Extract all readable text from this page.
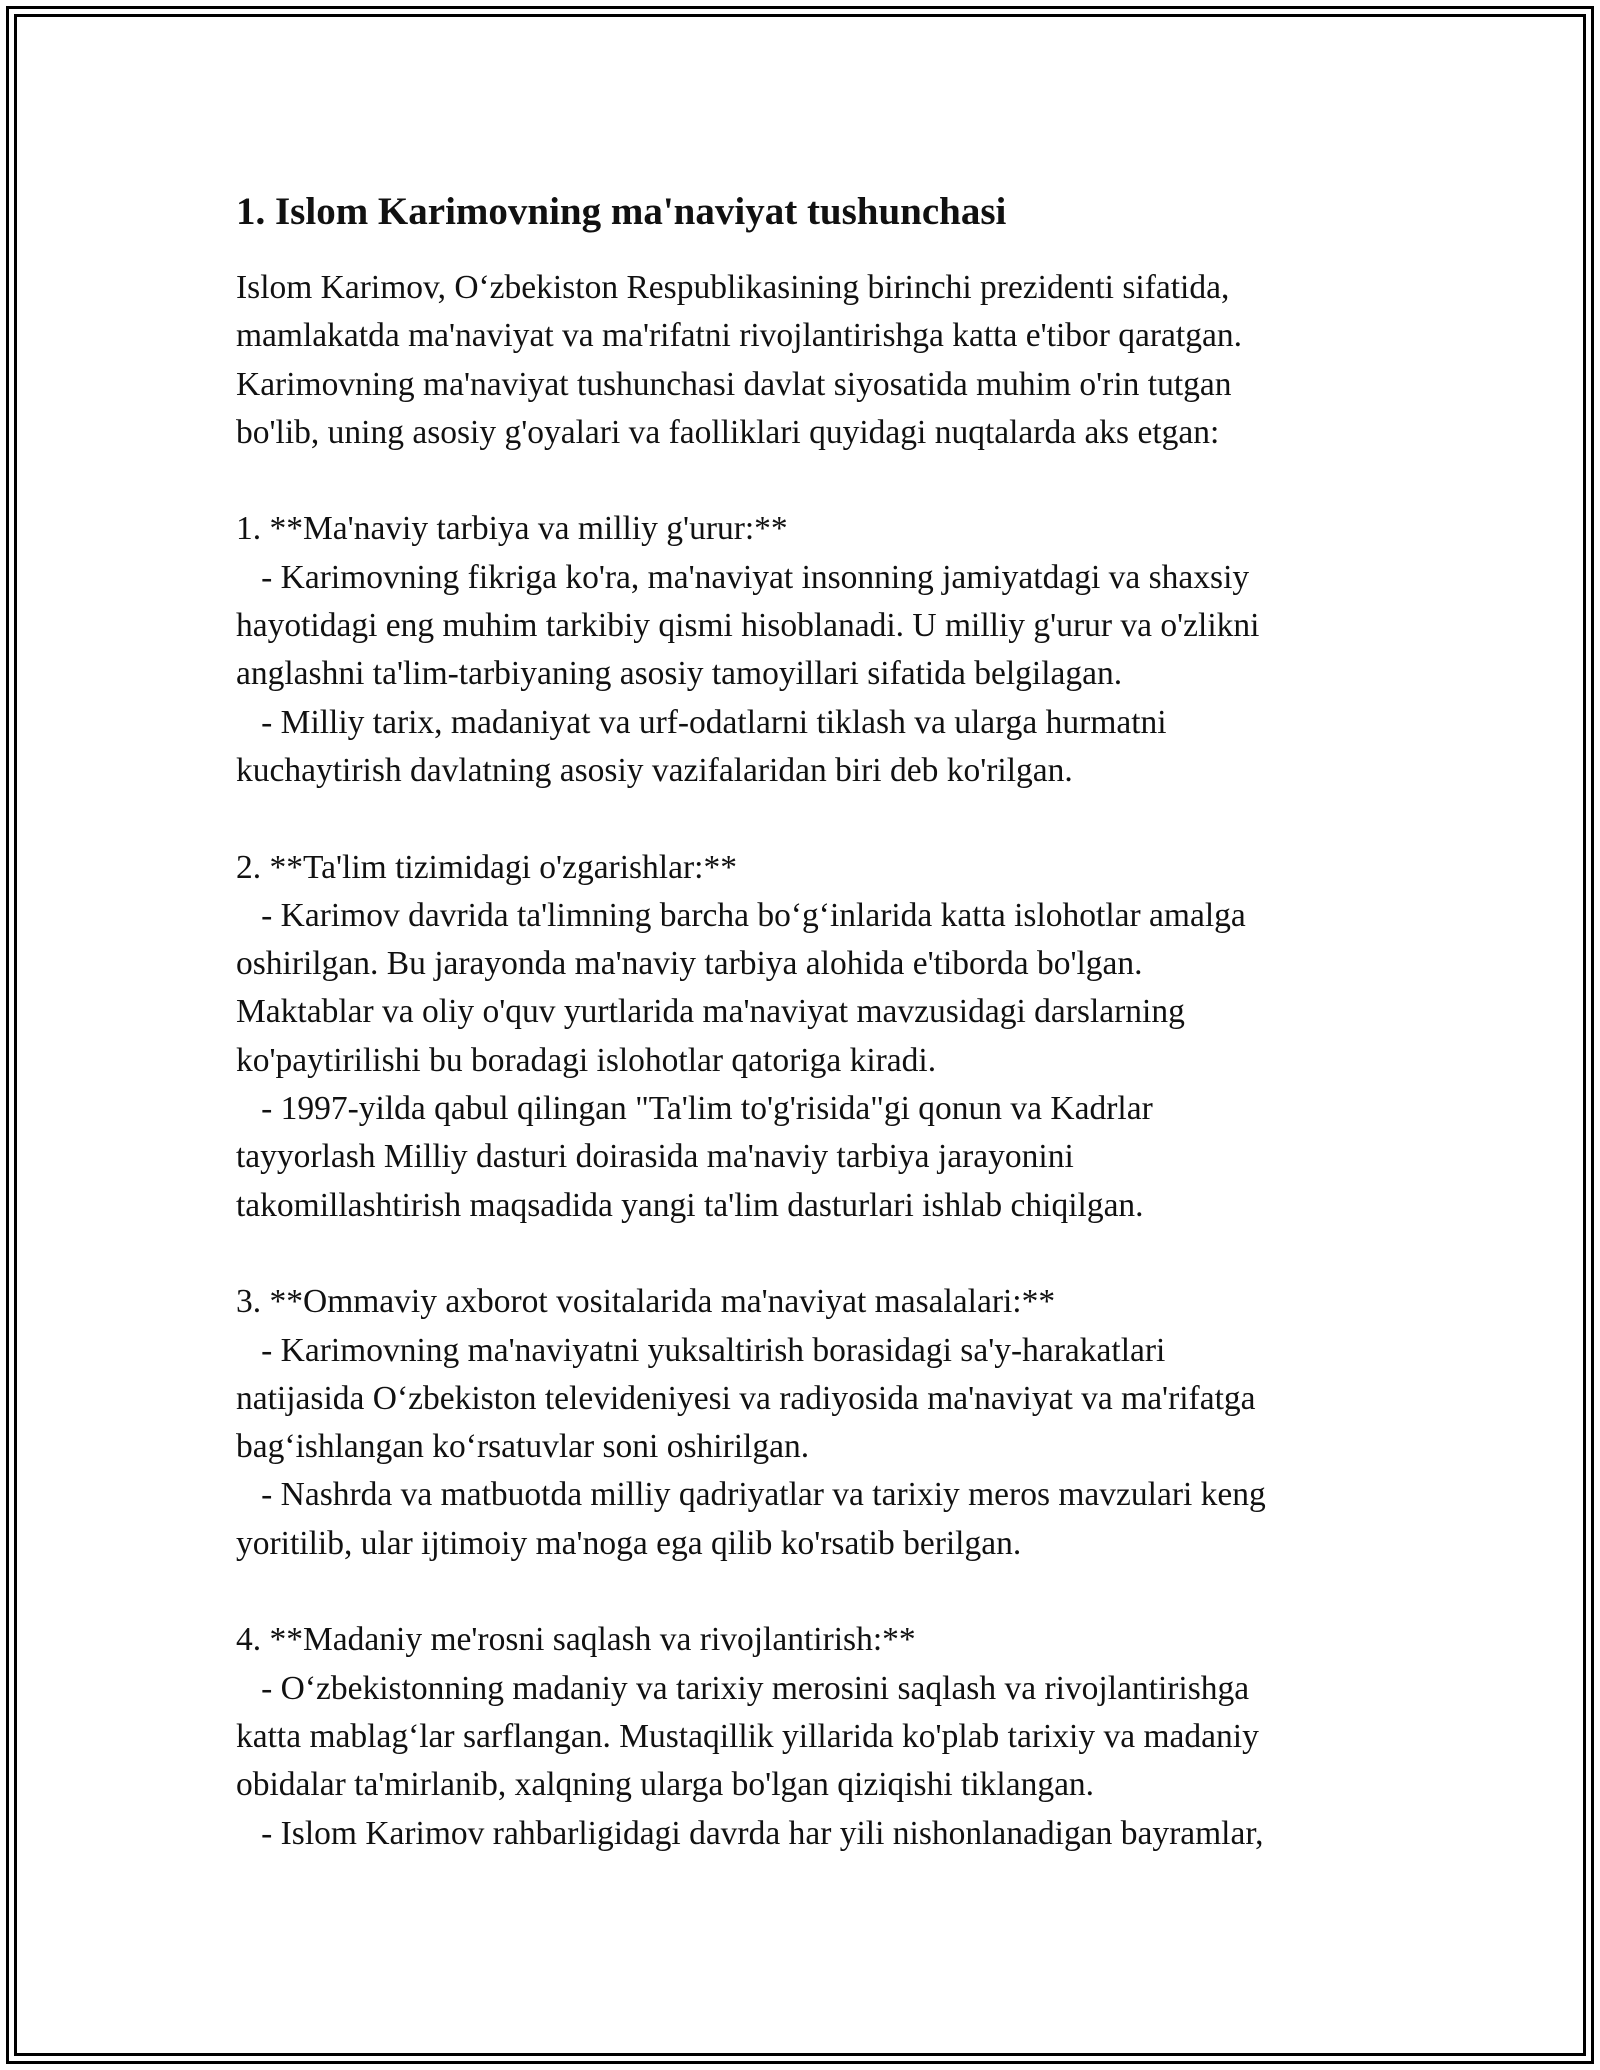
1. Islom Karimovning ma'naviyat tushunchasi
Islom Karimov, O‘zbekiston Respublikasining birinchi prezidenti sifatida,
mamlakatda ma'naviyat va ma'rifatni rivojlantirishga katta e'tibor qaratgan.
Karimovning ma'naviyat tushunchasi davlat siyosatida muhim o'rin tutgan
bo'lib, uning asosiy g'oyalari va faolliklari quyidagi nuqtalarda aks etgan:
1. **Ma'naviy tarbiya va milliy g'urur:**
- Karimovning fikriga ko'ra, ma'naviyat insonning jamiyatdagi va shaxsiy
hayotidagi eng muhim tarkibiy qismi hisoblanadi. U milliy g'urur va o'zlikni
anglashni ta'lim-tarbiyaning asosiy tamoyillari sifatida belgilagan.
- Milliy tarix, madaniyat va urf-odatlarni tiklash va ularga hurmatni
kuchaytirish davlatning asosiy vazifalaridan biri deb ko'rilgan.
2. **Ta'lim tizimidagi o'zgarishlar:**
- Karimov davrida ta'limning barcha bo‘g‘inlarida katta islohotlar amalga
oshirilgan. Bu jarayonda ma'naviy tarbiya alohida e'tiborda bo'lgan.
Maktablar va oliy o'quv yurtlarida ma'naviyat mavzusidagi darslarning
ko'paytirilishi bu boradagi islohotlar qatoriga kiradi.
- 1997-yilda qabul qilingan "Ta'lim to'g'risida"gi qonun va Kadrlar
tayyorlash Milliy dasturi doirasida ma'naviy tarbiya jarayonini
takomillashtirish maqsadida yangi ta'lim dasturlari ishlab chiqilgan.
3. **Ommaviy axborot vositalarida ma'naviyat masalalari:**
- Karimovning ma'naviyatni yuksaltirish borasidagi sa'y-harakatlari
natijasida O‘zbekiston televideniyesi va radiyosida ma'naviyat va ma'rifatga
bag‘ishlangan ko‘rsatuvlar soni oshirilgan.
- Nashrda va matbuotda milliy qadriyatlar va tarixiy meros mavzulari keng
yoritilib, ular ijtimoiy ma'noga ega qilib ko'rsatib berilgan.
4. **Madaniy me'rosni saqlash va rivojlantirish:**
- O‘zbekistonning madaniy va tarixiy merosini saqlash va rivojlantirishga
katta mablag‘lar sarflangan. Mustaqillik yillarida ko'plab tarixiy va madaniy
obidalar ta'mirlanib, xalqning ularga bo'lgan qiziqishi tiklangan.
- Islom Karimov rahbarligidagi davrda har yili nishonlanadigan bayramlar,
